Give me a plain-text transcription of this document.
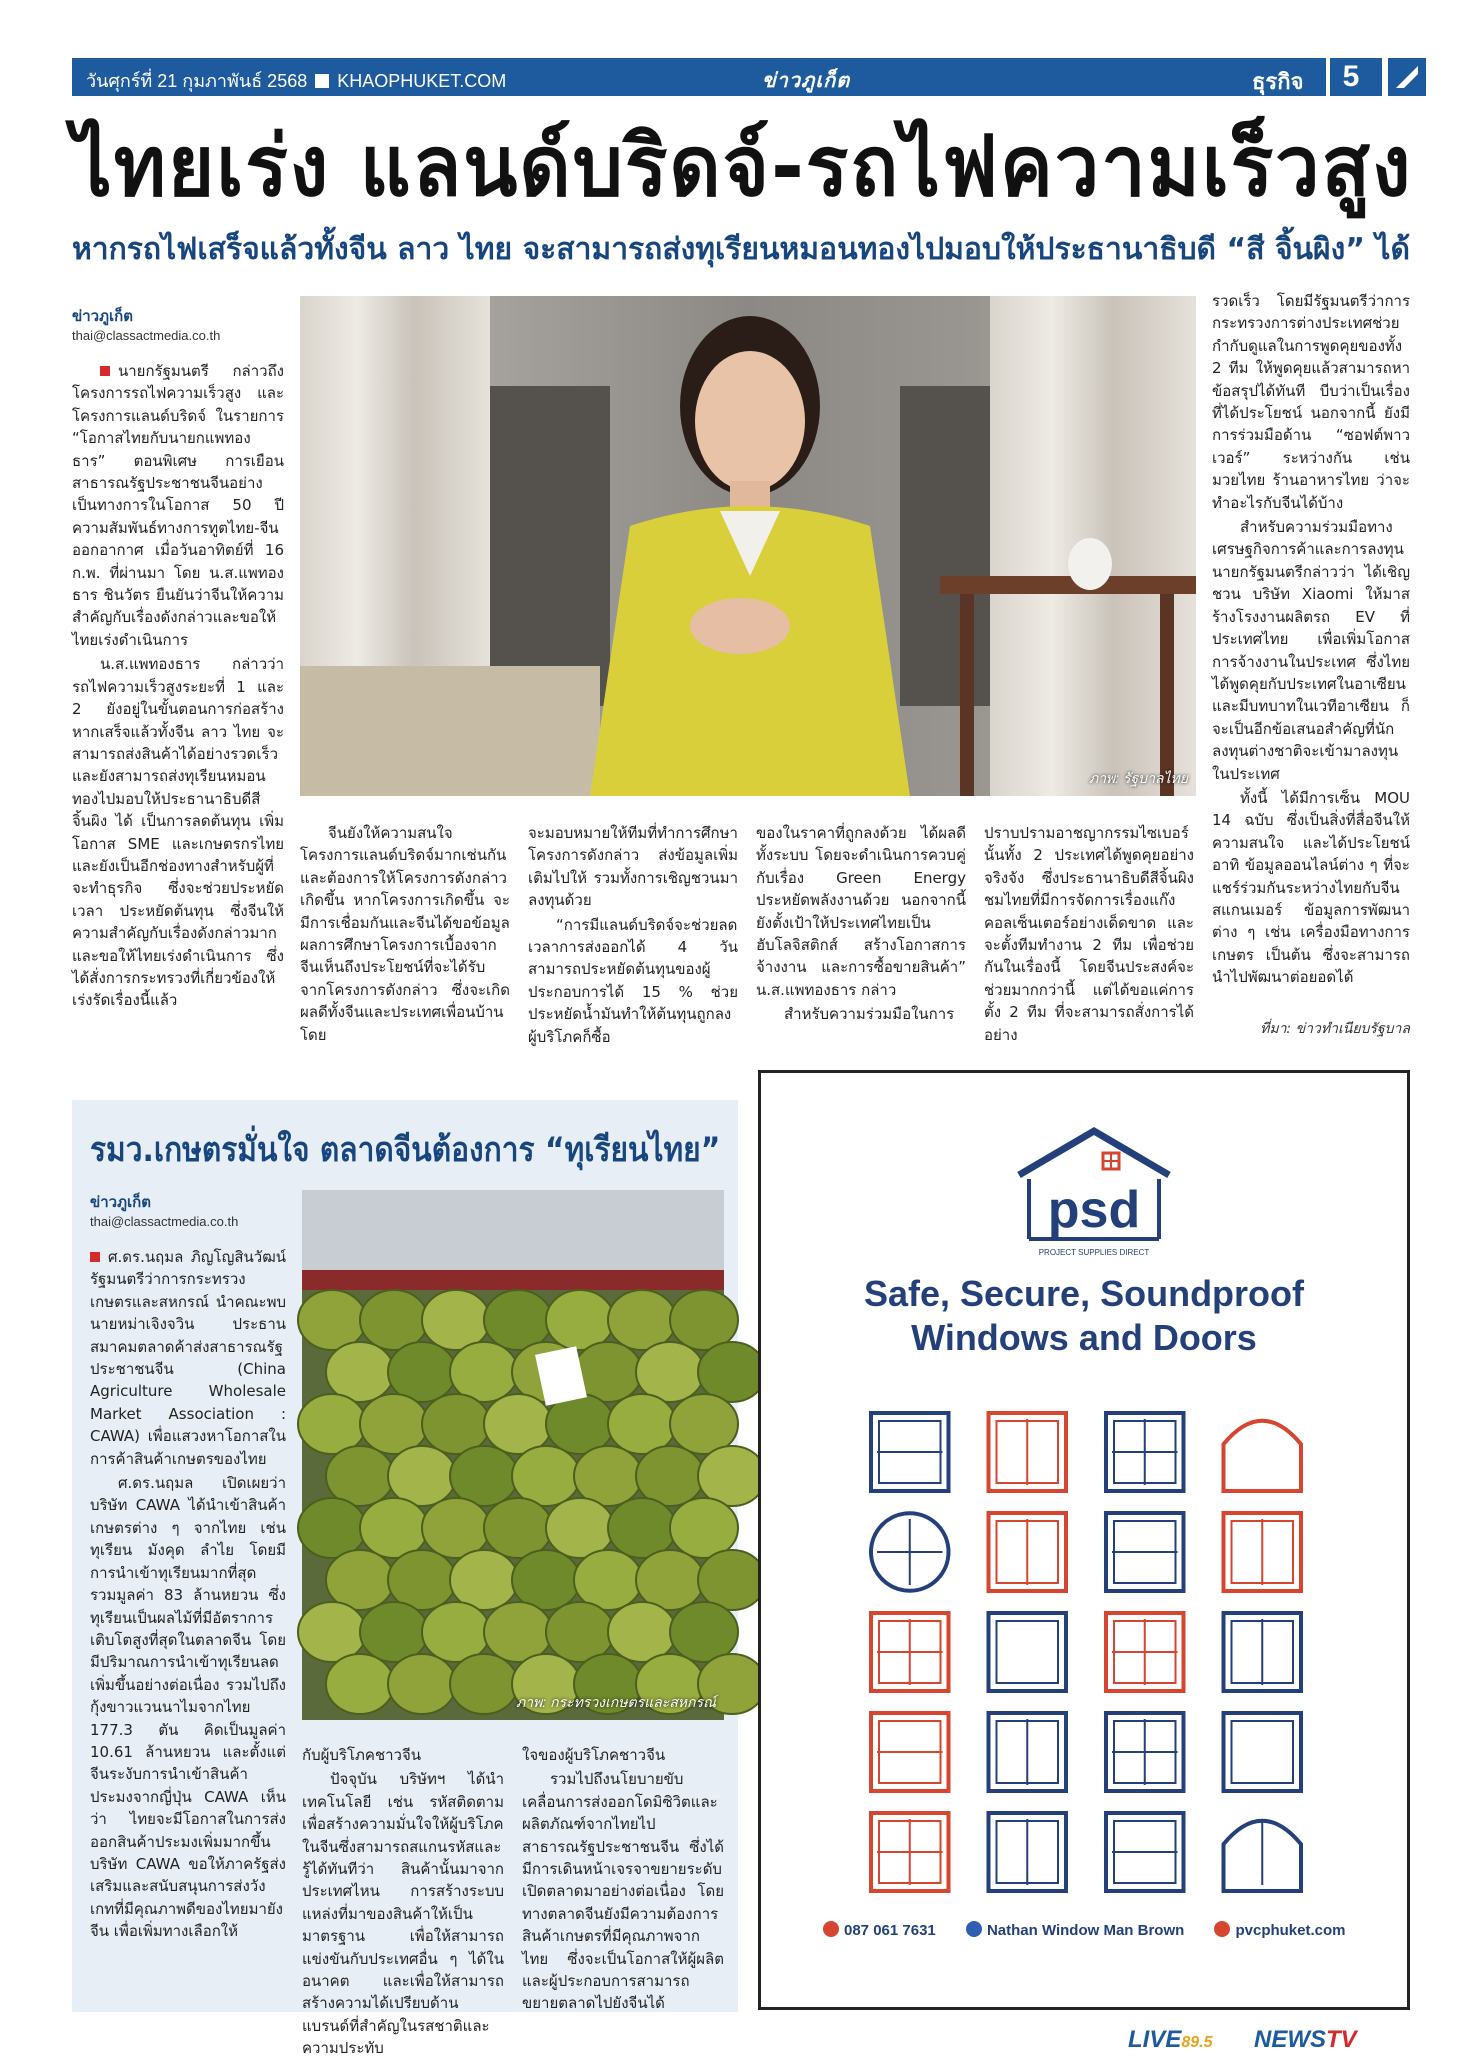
วันศุกร์ที่ 21 กุมภาพันธ์ 2568 KHAOPHUKET.COM	ข่าวภูเก็ต	ธุรกิจ	5
ไทยเร่ง แลนด์บริดจ์-รถไฟความเร็วสูง
หากรถไฟเสร็จแล้วทั้งจีน ลาว ไทย จะสามารถส่งทุเรียนหมอนทองไปมอบให้ประธานาธิบดี “สี จิ้นผิง” ได้
ข่าวภูเก็ต
thai@classactmedia.co.th

นายกรัฐมนตรี กล่าวถึงโครงการรถไฟความเร็วสูง และโครงการแลนด์บริดจ์ ในรายการ “โอกาสไทยกับนายกแพทองธาร” ตอนพิเศษ การเยือนสาธารณรัฐประชาชนจีนอย่างเป็นทางการในโอกาส 50 ปีความสัมพันธ์ทางการทูตไทย-จีน ออกอากาศ เมื่อวันอาทิตย์ที่ 16 ก.พ. ที่ผ่านมา โดย น.ส.แพทองธาร ชินวัตร ยืนยันว่าจีนให้ความสำคัญกับเรื่องดังกล่าวและขอให้ไทยเร่งดำเนินการ

น.ส.แพทองธาร กล่าวว่า รถไฟความเร็วสูงระยะที่ 1 และ 2 ยังอยู่ในขั้นตอนการก่อสร้าง หากเสร็จแล้วทั้งจีน ลาว ไทย จะสามารถส่งสินค้าได้อย่างรวดเร็วและยังสามารถส่งทุเรียนหมอนทองไปมอบให้ประธานาธิบดีสี จิ้นผิง ได้ เป็นการลดต้นทุน เพิ่มโอกาส SME และเกษตรกรไทย และยังเป็นอีกช่องทางสำหรับผู้ที่จะทำธุรกิจ ซึ่งจะช่วยประหยัดเวลา ประหยัดต้นทุน ซึ่งจีนให้ความสำคัญกับเรื่องดังกล่าวมากและขอให้ไทยเร่งดำเนินการ ซึ่งได้สั่งการกระทรวงที่เกี่ยวข้องให้เร่งรัดเรื่องนี้แล้ว

ภาพ: รัฐบาลไทย

จีนยังให้ความสนใจโครงการแลนด์บริดจ์มากเช่นกัน และต้องการให้โครงการดังกล่าวเกิดขึ้น หากโครงการเกิดขึ้น จะมีการเชื่อมกันและจีนได้ขอข้อมูลผลการศึกษาโครงการเบื้องจากจีนเห็นถึงประโยชน์ที่จะได้รับจากโครงการดังกล่าว ซึ่งจะเกิดผลดีทั้งจีนและประเทศเพื่อนบ้าน โดย

จะมอบหมายให้ทีมที่ทำการศึกษาโครงการดังกล่าว ส่งข้อมูลเพิ่มเติมไปให้ รวมทั้งการเชิญชวนมาลงทุนด้วย

“การมีแลนด์บริดจ์จะช่วยลดเวลาการส่งออกได้ 4 วัน สามารถประหยัดต้นทุนของผู้ประกอบการได้ 15 % ช่วยประหยัดน้ำมันทำให้ต้นทุนถูกลง ผู้บริโภคก็ซื้อ

ของในราคาที่ถูกลงด้วย ได้ผลดีทั้งระบบ โดยจะดำเนินการควบคู่กับเรื่อง Green Energy ประหยัดพลังงานด้วย นอกจากนี้ ยังตั้งเป้าให้ประเทศไทยเป็นฮับโลจิสติกส์ สร้างโอกาสการจ้างงาน และการซื้อขายสินค้า” น.ส.แพทองธาร กล่าว

สำหรับความร่วมมือในการ

ปราบปรามอาชญากรรมไซเบอร์นั้นทั้ง 2 ประเทศได้พูดคุยอย่างจริงจัง ซึ่งประธานาธิบดีสีจิ้นผิงชมไทยที่มีการจัดการเรื่องแก๊งคอลเซ็นเตอร์อย่างเด็ดขาด และจะตั้งทีมทำงาน 2 ทีม เพื่อช่วยกันในเรื่องนี้ โดยจีนประสงค์จะช่วยมากกว่านี้ แต่ได้ขอแค่การตั้ง 2 ทีม ที่จะสามารถสั่งการได้อย่าง

รวดเร็ว โดยมีรัฐมนตรีว่าการกระทรวงการต่างประเทศช่วยกำกับดูแลในการพูดคุยของทั้ง 2 ทีม ให้พูดคุยแล้วสามารถหาข้อสรุปได้ทันที บีบว่าเป็นเรื่องที่ได้ประโยชน์ นอกจากนี้ ยังมีการร่วมมือด้าน “ซอฟต์พาวเวอร์” ระหว่างกัน เช่น มวยไทย ร้านอาหารไทย ว่าจะทำอะไรกับจีนได้บ้าง

สำหรับความร่วมมือทางเศรษฐกิจการค้าและการลงทุน นายกรัฐมนตรีกล่าวว่า ได้เชิญชวน บริษัท Xiaomi ให้มาสร้างโรงงานผลิตรถ EV ที่ประเทศไทย เพื่อเพิ่มโอกาสการจ้างงานในประเทศ ซึ่งไทยได้พูดคุยกับประเทศในอาเซียน และมีบทบาทในเวทีอาเซียน ก็จะเป็นอีกข้อเสนอสำคัญที่นักลงทุนต่างชาติจะเข้ามาลงทุนในประเทศ

ทั้งนี้ ได้มีการเซ็น MOU 14 ฉบับ ซึ่งเป็นสิ่งที่สื่อจีนให้ความสนใจ และได้ประโยชน์ อาทิ ข้อมูลออนไลน์ต่าง ๆ ที่จะแชร์ร่วมกันระหว่างไทยกับจีน สแกนเมอร์ ข้อมูลการพัฒนาต่าง ๆ เช่น เครื่องมือทางการเกษตร เป็นต้น ซึ่งจะสามารถนำไปพัฒนาต่อยอดได้

ที่มา: ข่าวทำเนียบรัฐบาล
รมว.เกษตรมั่นใจ ตลาดจีนต้องการ “ทุเรียนไทย”
ข่าวภูเก็ต
thai@classactmedia.co.th

ศ.ดร.นฤมล ภิญโญสินวัฒน์ รัฐมนตรีว่าการกระทรวงเกษตรและสหกรณ์ นำคณะพบนายหม่าเจิงจวิน ประธานสมาคมตลาดค้าส่งสาธารณรัฐประชาชนจีน (China Agriculture Wholesale Market Association : CAWA) เพื่อแสวงหาโอกาสในการค้าสินค้าเกษตรของไทย

ศ.ดร.นฤมล เปิดเผยว่า บริษัท CAWA ได้นำเข้าสินค้าเกษตรต่าง ๆ จากไทย เช่น ทุเรียน มังคุด ลำไย โดยมีการนำเข้าทุเรียนมากที่สุด รวมมูลค่า 83 ล้านหยวน ซึ่งทุเรียนเป็นผลไม้ที่มีอัตราการเติบโตสูงที่สุดในตลาดจีน โดยมีปริมาณการนำเข้าทุเรียนลดเพิ่มขึ้นอย่างต่อเนื่อง รวมไปถึงกุ้งขาวแวนนาไมจากไทย 177.3 ตัน คิดเป็นมูลค่า 10.61 ล้านหยวน และตั้งแต่จีนระงับการนำเข้าสินค้าประมงจากญี่ปุ่น CAWA เห็นว่า ไทยจะมีโอกาสในการส่งออกสินค้าประมงเพิ่มมากขึ้น บริษัท CAWA ขอให้ภาครัฐส่งเสริมและสนับสนุนการส่งวังเกทที่มีคุณภาพดีของไทยมายังจีน เพื่อเพิ่มทางเลือกให้

ภาพ: กระทรวงเกษตรและสหกรณ์

กับผู้บริโภคชาวจีน

ปัจจุบัน บริษัทฯ ได้นำเทคโนโลยี เช่น รหัสติดตาม เพื่อสร้างความมั่นใจให้ผู้บริโภคในจีนซึ่งสามารถสแกนรหัสและรู้ได้ทันทีว่า สินค้านั้นมาจากประเทศไหน การสร้างระบบแหล่งที่มาของสินค้าให้เป็นมาตรฐาน เพื่อให้สามารถแข่งขันกับประเทศอื่น ๆ ได้ในอนาคต และเพื่อให้สามารถสร้างความได้เปรียบด้านแบรนด์ที่สำคัญในรสชาติและความประทับ

ใจของผู้บริโภคชาวจีน

รวมไปถึงนโยบายขับเคลื่อนการส่งออกโดมิซิวิตและผลิตภัณฑ์จากไทยไปสาธารณรัฐประชาชนจีน ซึ่งได้มีการเดินหน้าเจรจาขยายระดับเปิดตลาดมาอย่างต่อเนื่อง โดยทางตลาดจีนยังมีความต้องการสินค้าเกษตรที่มีคุณภาพจากไทย ซึ่งจะเป็นโอกาสให้ผู้ผลิตและผู้ประกอบการสามารถขยายตลาดไปยังจีนได้

psd
PROJECT SUPPLIES DIRECT
Safe, Secure, Soundproof
Windows and Doors
087 061 7631	Nathan Window Man Brown	pvcphuket.com
LIVE89.5 NEWSTV
